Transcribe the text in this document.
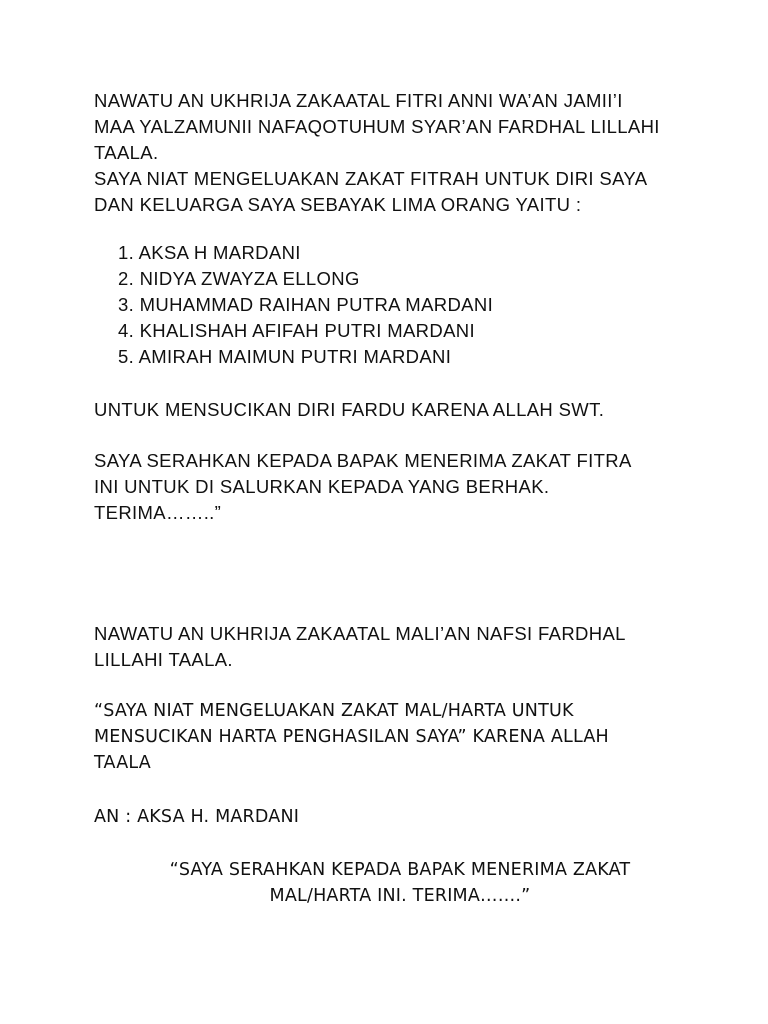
NAWATU AN UKHRIJA ZAKAATAL FITRI ANNI WA’AN JAMII’I
MAA YALZAMUNII NAFAQOTUHUM SYAR’AN FARDHAL LILLAHI
TAALA.
SAYA NIAT MENGELUAKAN ZAKAT FITRAH UNTUK DIRI SAYA
DAN KELUARGA SAYA SEBAYAK LIMA ORANG YAITU :

1. AKSA H MARDANI
2. NIDYA ZWAYZA ELLONG
3. MUHAMMAD RAIHAN PUTRA MARDANI
4. KHALISHAH AFIFAH PUTRI MARDANI
5. AMIRAH MAIMUN PUTRI MARDANI

UNTUK MENSUCIKAN DIRI FARDU KARENA ALLAH SWT.

SAYA SERAHKAN KEPADA BAPAK MENERIMA ZAKAT FITRA
INI UNTUK DI SALURKAN KEPADA YANG BERHAK.
TERIMA……..”

NAWATU AN UKHRIJA ZAKAATAL MALI’AN NAFSI FARDHAL
LILLAHI TAALA.

“SAYA NIAT MENGELUAKAN ZAKAT MAL/HARTA UNTUK
MENSUCIKAN HARTA PENGHASILAN SAYA” KARENA ALLAH
TAALA

AN : AKSA H. MARDANI

“SAYA SERAHKAN KEPADA BAPAK MENERIMA ZAKAT
MAL/HARTA INI. TERIMA…….”
